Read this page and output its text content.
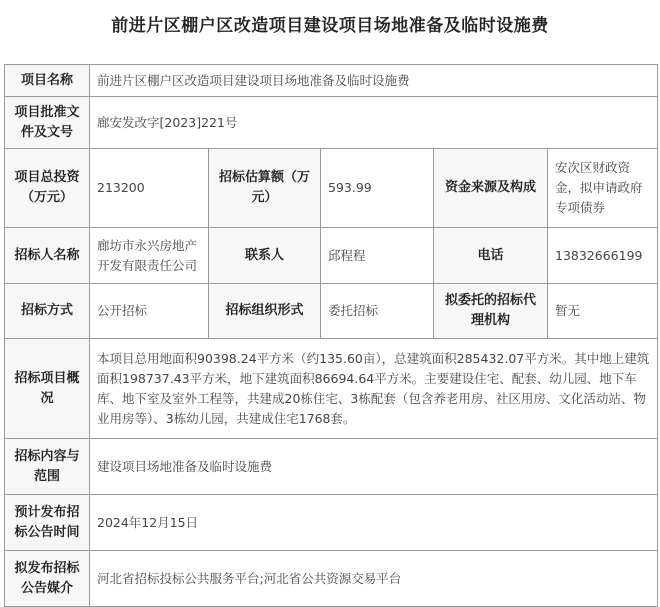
前进片区棚户区改造项目建设项目场地准备及临时设施费
项目名称	前进片区棚户区改造项目建设项目场地准备及临时设施费				
项目批准文件及文号	廊安发改字[2023]221号				
项目总投资（万元）	213200	招标估算额（万元）	593.99	资金来源及构成	安次区财政资金，拟申请政府专项债券
招标人名称	廊坊市永兴房地产开发有限责任公司	联系人	邱程程	电话	13832666199
招标方式	公开招标	招标组织形式	委托招标	拟委托的招标代理机构	暂无
招标项目概况	本项目总用地面积90398.24平方米（约135.60亩），总建筑面积285432.07平方米。其中地上建筑面积198737.43平方米，地下建筑面积86694.64平方米。主要建设住宅、配套、幼儿园、地下车库、地下室及室外工程等，共建成20栋住宅、3栋配套（包含养老用房、社区用房、文化活动站、物业用房等）、3栋幼儿园，共建成住宅1768套。				
招标内容与范围	建设项目场地准备及临时设施费				
预计发布招标公告时间	2024年12月15日				
拟发布招标公告媒介	河北省招标投标公共服务平台;河北省公共资源交易平台				
